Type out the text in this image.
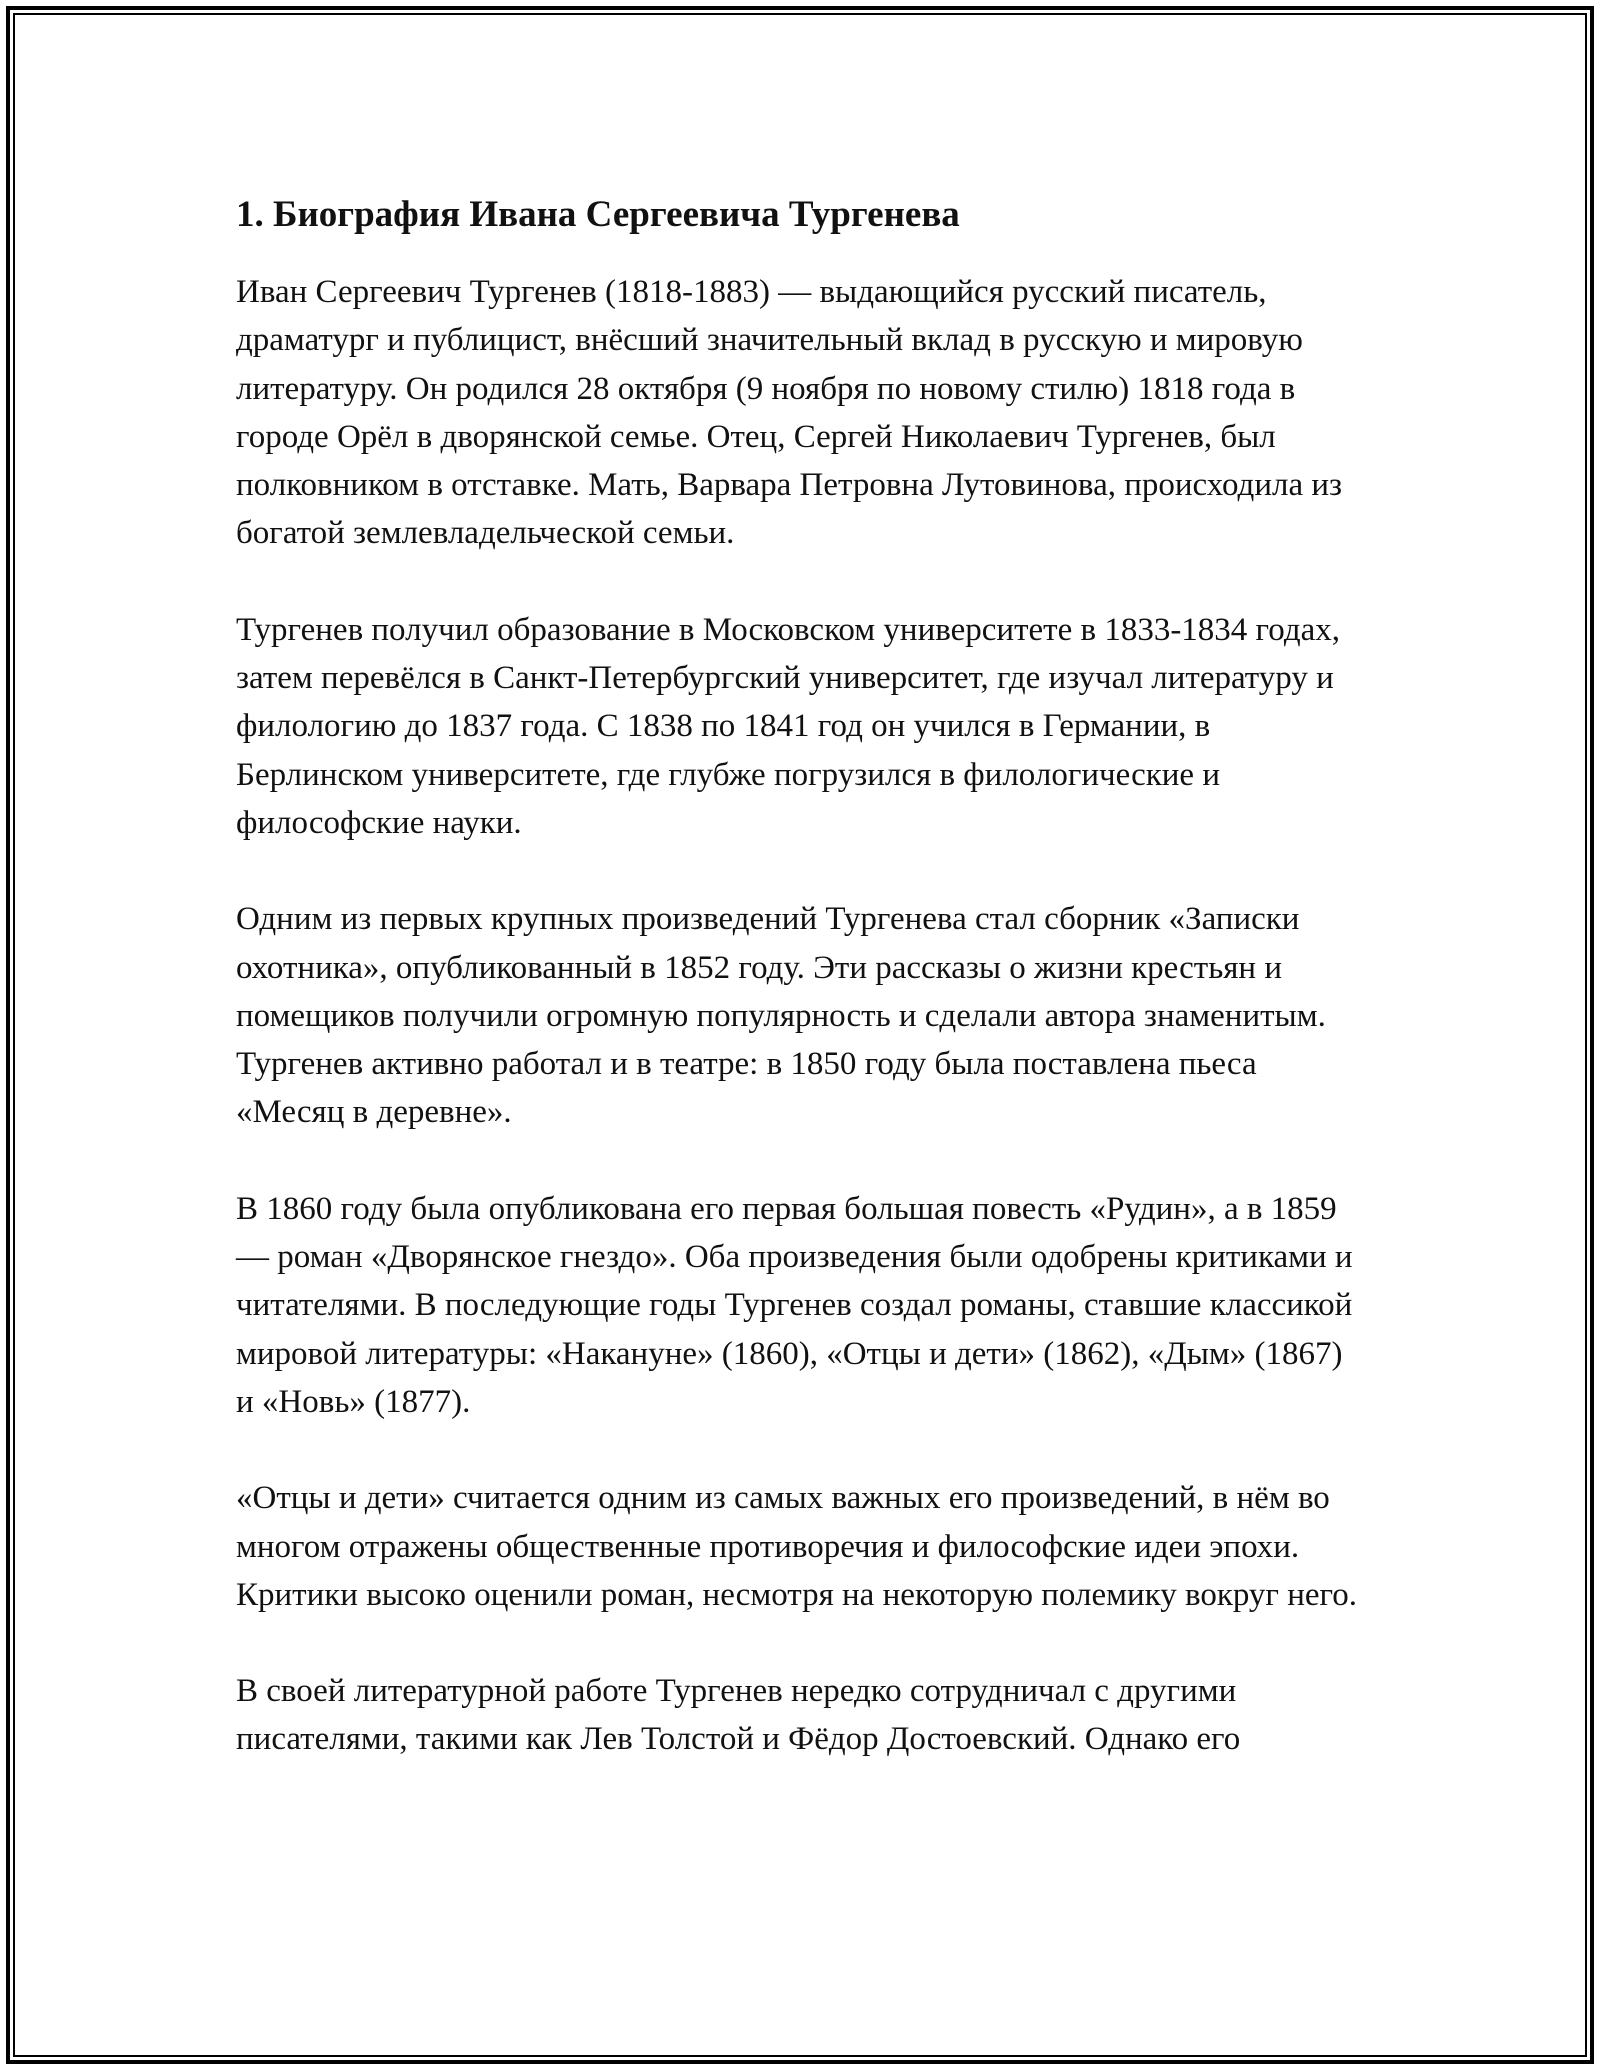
1. Биография Ивана Сергеевича Тургенева

Иван Сергеевич Тургенев (1818-1883) — выдающийся русский писатель, драматург и публицист, внёсший значительный вклад в русскую и мировую литературу. Он родился 28 октября (9 ноября по новому стилю) 1818 года в городе Орёл в дворянской семье. Отец, Сергей Николаевич Тургенев, был полковником в отставке. Мать, Варвара Петровна Лутовинова, происходила из богатой землевладельческой семьи.

Тургенев получил образование в Московском университете в 1833-1834 годах, затем перевёлся в Санкт-Петербургский университет, где изучал литературу и филологию до 1837 года. С 1838 по 1841 год он учился в Германии, в Берлинском университете, где глубже погрузился в филологические и философские науки.

Одним из первых крупных произведений Тургенева стал сборник «Записки охотника», опубликованный в 1852 году. Эти рассказы о жизни крестьян и помещиков получили огромную популярность и сделали автора знаменитым. Тургенев активно работал и в театре: в 1850 году была поставлена пьеса «Месяц в деревне».

В 1860 году была опубликована его первая большая повесть «Рудин», а в 1859 — роман «Дворянское гнездо». Оба произведения были одобрены критиками и читателями. В последующие годы Тургенев создал романы, ставшие классикой мировой литературы: «Накануне» (1860), «Отцы и дети» (1862), «Дым» (1867) и «Новь» (1877).

«Отцы и дети» считается одним из самых важных его произведений, в нём во многом отражены общественные противоречия и философские идеи эпохи. Критики высоко оценили роман, несмотря на некоторую полемику вокруг него.

В своей литературной работе Тургенев нередко сотрудничал с другими писателями, такими как Лев Толстой и Фёдор Достоевский. Однако его
